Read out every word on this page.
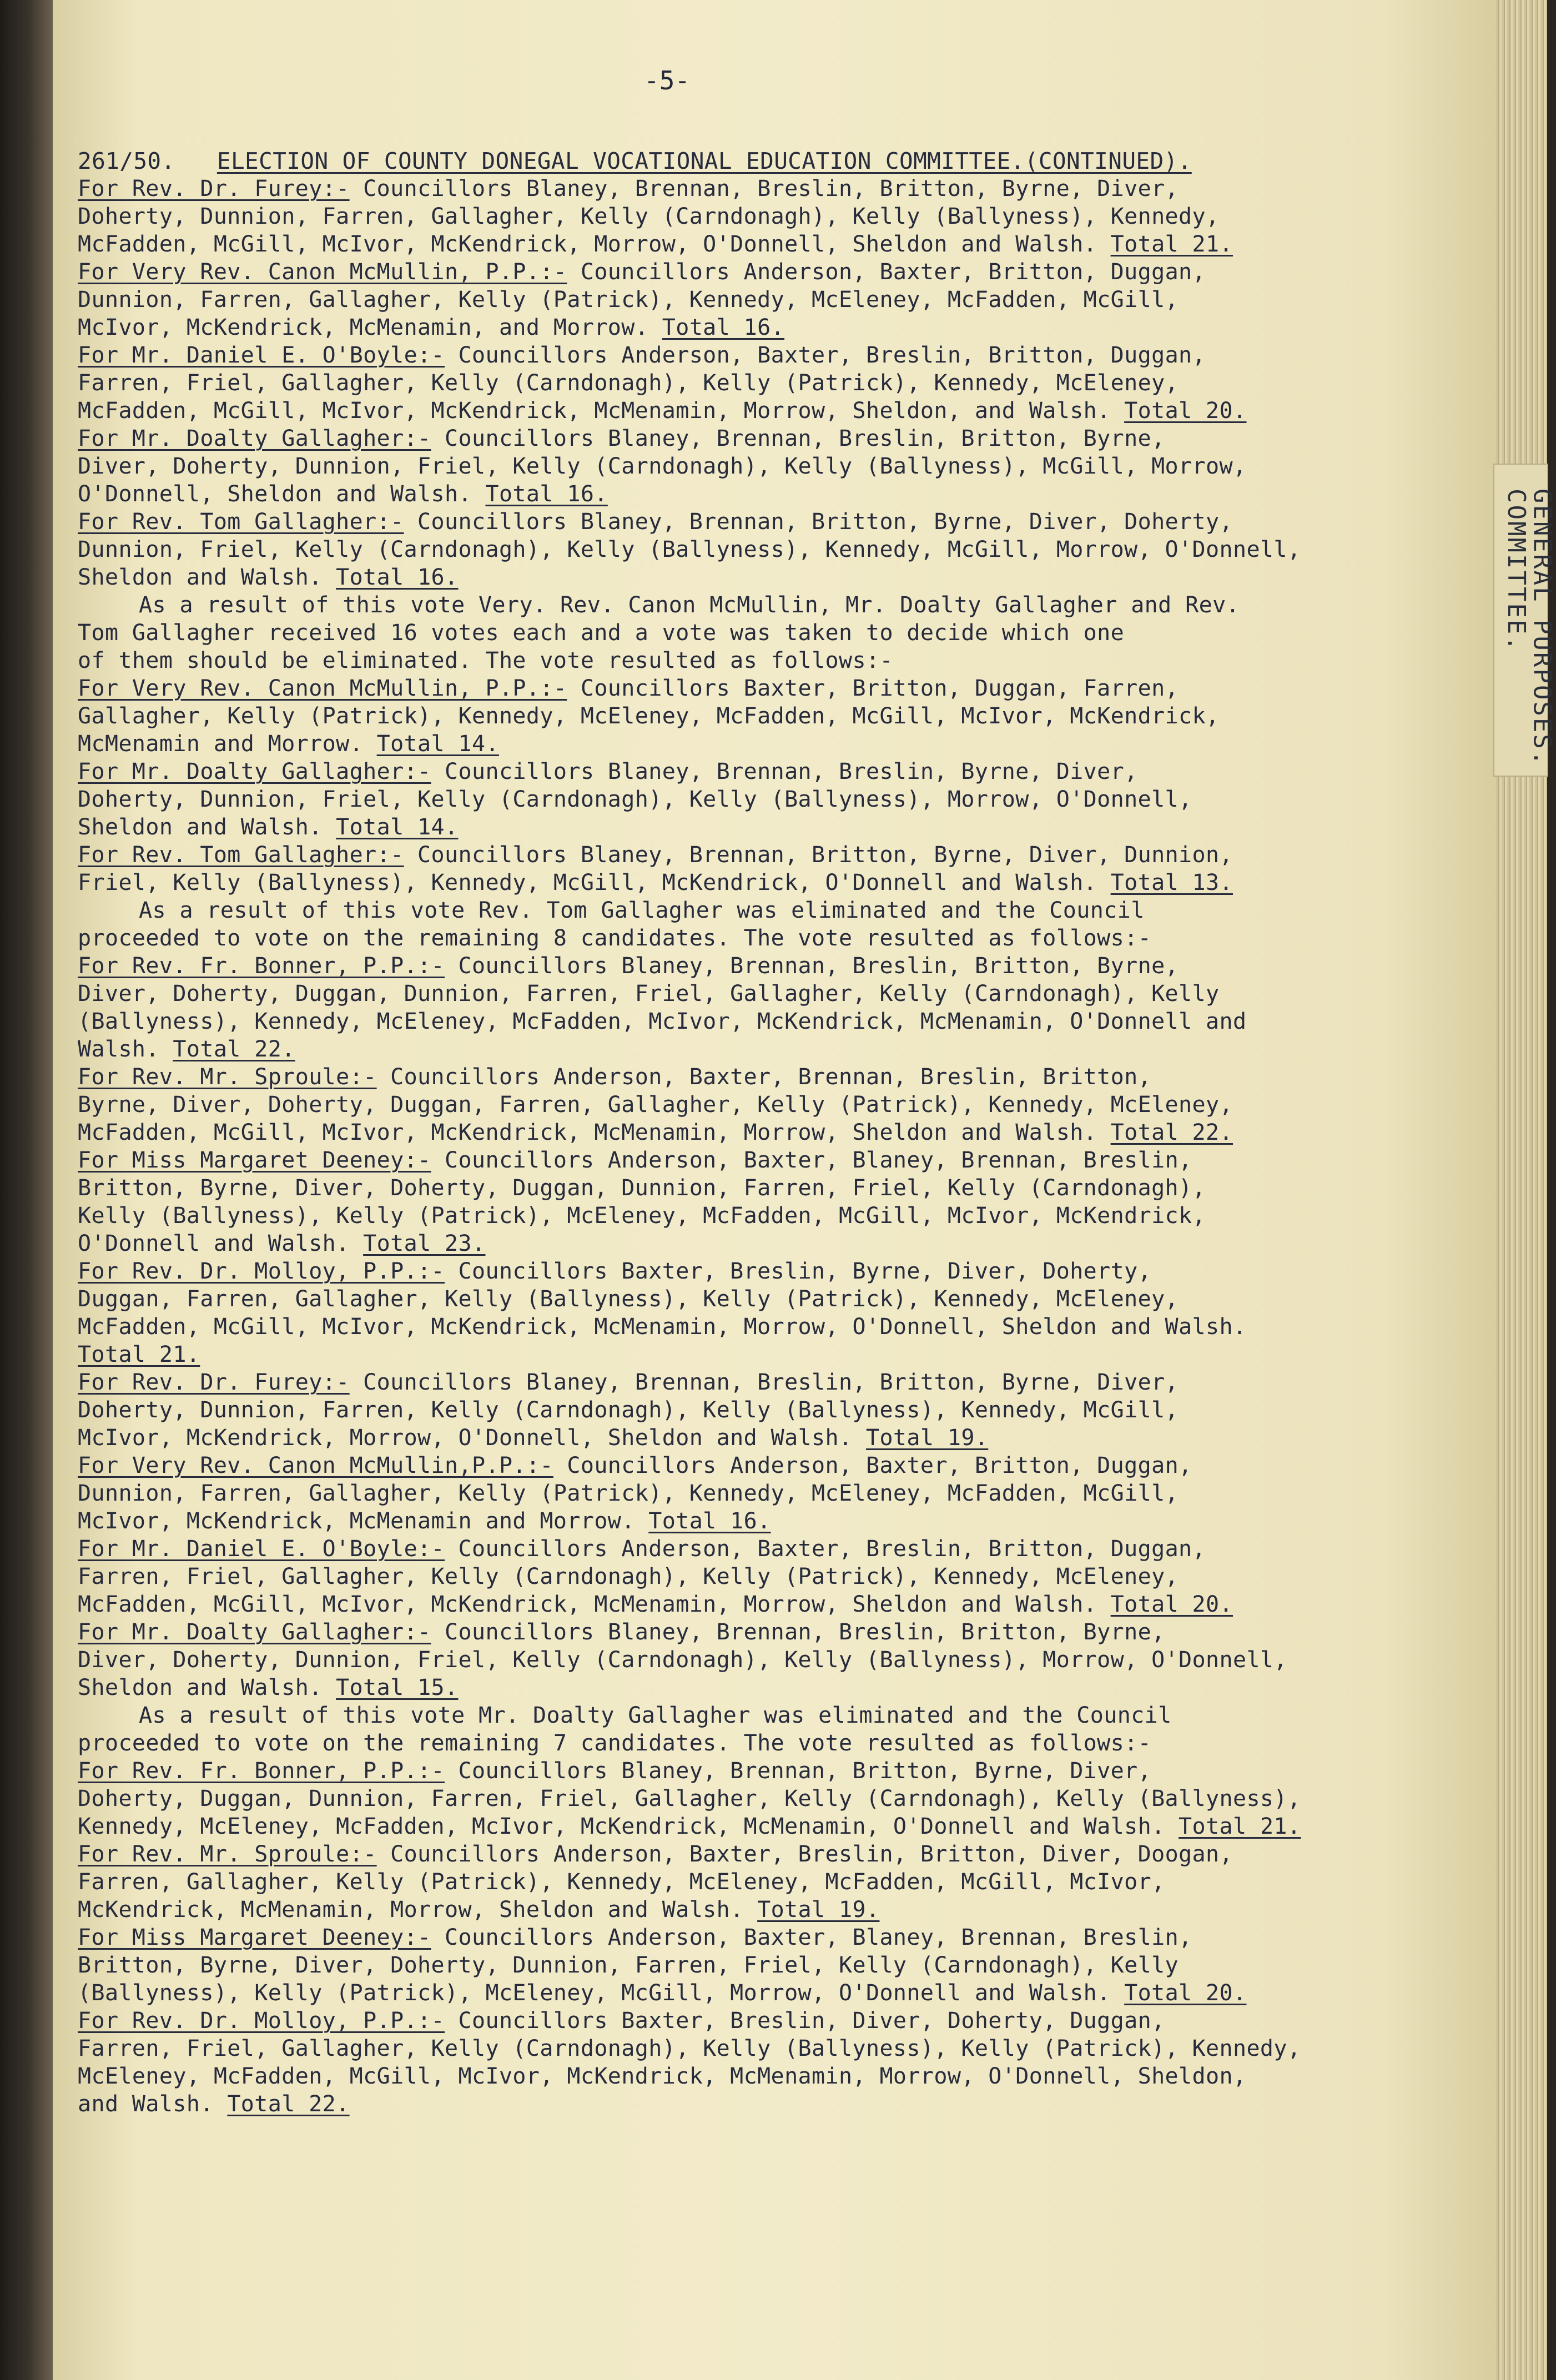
GENERAL PURPOSES.
COMMITTEE.
-5-
261/50. ELECTION OF COUNTY DONEGAL VOCATIONAL EDUCATION COMMITTEE.(CONTINUED).
For Rev. Dr. Furey:- Councillors Blaney, Brennan, Breslin, Britton, Byrne, Diver,
Doherty, Dunnion, Farren, Gallagher, Kelly (Carndonagh), Kelly (Ballyness), Kennedy,
McFadden, McGill, McIvor, McKendrick, Morrow, O'Donnell, Sheldon and Walsh. Total 21.
For Very Rev. Canon McMullin, P.P.:- Councillors Anderson, Baxter, Britton, Duggan,
Dunnion, Farren, Gallagher, Kelly (Patrick), Kennedy, McEleney, McFadden, McGill,
McIvor, McKendrick, McMenamin, and Morrow. Total 16.
For Mr. Daniel E. O'Boyle:- Councillors Anderson, Baxter, Breslin, Britton, Duggan,
Farren, Friel, Gallagher, Kelly (Carndonagh), Kelly (Patrick), Kennedy, McEleney,
McFadden, McGill, McIvor, McKendrick, McMenamin, Morrow, Sheldon, and Walsh. Total 20.
For Mr. Doalty Gallagher:- Councillors Blaney, Brennan, Breslin, Britton, Byrne,
Diver, Doherty, Dunnion, Friel, Kelly (Carndonagh), Kelly (Ballyness), McGill, Morrow,
O'Donnell, Sheldon and Walsh. Total 16.
For Rev. Tom Gallagher:- Councillors Blaney, Brennan, Britton, Byrne, Diver, Doherty,
Dunnion, Friel, Kelly (Carndonagh), Kelly (Ballyness), Kennedy, McGill, Morrow, O'Donnell,
Sheldon and Walsh. Total 16.
As a result of this vote Very. Rev. Canon McMullin, Mr. Doalty Gallagher and Rev.
Tom Gallagher received 16 votes each and a vote was taken to decide which one
of them should be eliminated. The vote resulted as follows:-
For Very Rev. Canon McMullin, P.P.:- Councillors Baxter, Britton, Duggan, Farren,
Gallagher, Kelly (Patrick), Kennedy, McEleney, McFadden, McGill, McIvor, McKendrick,
McMenamin and Morrow. Total 14.
For Mr. Doalty Gallagher:- Councillors Blaney, Brennan, Breslin, Byrne, Diver,
Doherty, Dunnion, Friel, Kelly (Carndonagh), Kelly (Ballyness), Morrow, O'Donnell,
Sheldon and Walsh. Total 14.
For Rev. Tom Gallagher:- Councillors Blaney, Brennan, Britton, Byrne, Diver, Dunnion,
Friel, Kelly (Ballyness), Kennedy, McGill, McKendrick, O'Donnell and Walsh. Total 13.
As a result of this vote Rev. Tom Gallagher was eliminated and the Council
proceeded to vote on the remaining 8 candidates. The vote resulted as follows:-
For Rev. Fr. Bonner, P.P.:- Councillors Blaney, Brennan, Breslin, Britton, Byrne,
Diver, Doherty, Duggan, Dunnion, Farren, Friel, Gallagher, Kelly (Carndonagh), Kelly
(Ballyness), Kennedy, McEleney, McFadden, McIvor, McKendrick, McMenamin, O'Donnell and
Walsh. Total 22.
For Rev. Mr. Sproule:- Councillors Anderson, Baxter, Brennan, Breslin, Britton,
Byrne, Diver, Doherty, Duggan, Farren, Gallagher, Kelly (Patrick), Kennedy, McEleney,
McFadden, McGill, McIvor, McKendrick, McMenamin, Morrow, Sheldon and Walsh. Total 22.
For Miss Margaret Deeney:- Councillors Anderson, Baxter, Blaney, Brennan, Breslin,
Britton, Byrne, Diver, Doherty, Duggan, Dunnion, Farren, Friel, Kelly (Carndonagh),
Kelly (Ballyness), Kelly (Patrick), McEleney, McFadden, McGill, McIvor, McKendrick,
O'Donnell and Walsh. Total 23.
For Rev. Dr. Molloy, P.P.:- Councillors Baxter, Breslin, Byrne, Diver, Doherty,
Duggan, Farren, Gallagher, Kelly (Ballyness), Kelly (Patrick), Kennedy, McEleney,
McFadden, McGill, McIvor, McKendrick, McMenamin, Morrow, O'Donnell, Sheldon and Walsh.
Total 21.
For Rev. Dr. Furey:- Councillors Blaney, Brennan, Breslin, Britton, Byrne, Diver,
Doherty, Dunnion, Farren, Kelly (Carndonagh), Kelly (Ballyness), Kennedy, McGill,
McIvor, McKendrick, Morrow, O'Donnell, Sheldon and Walsh. Total 19.
For Very Rev. Canon McMullin,P.P.:- Councillors Anderson, Baxter, Britton, Duggan,
Dunnion, Farren, Gallagher, Kelly (Patrick), Kennedy, McEleney, McFadden, McGill,
McIvor, McKendrick, McMenamin and Morrow. Total 16.
For Mr. Daniel E. O'Boyle:- Councillors Anderson, Baxter, Breslin, Britton, Duggan,
Farren, Friel, Gallagher, Kelly (Carndonagh), Kelly (Patrick), Kennedy, McEleney,
McFadden, McGill, McIvor, McKendrick, McMenamin, Morrow, Sheldon and Walsh. Total 20.
For Mr. Doalty Gallagher:- Councillors Blaney, Brennan, Breslin, Britton, Byrne,
Diver, Doherty, Dunnion, Friel, Kelly (Carndonagh), Kelly (Ballyness), Morrow, O'Donnell,
Sheldon and Walsh. Total 15.
As a result of this vote Mr. Doalty Gallagher was eliminated and the Council
proceeded to vote on the remaining 7 candidates. The vote resulted as follows:-
For Rev. Fr. Bonner, P.P.:- Councillors Blaney, Brennan, Britton, Byrne, Diver,
Doherty, Duggan, Dunnion, Farren, Friel, Gallagher, Kelly (Carndonagh), Kelly (Ballyness),
Kennedy, McEleney, McFadden, McIvor, McKendrick, McMenamin, O'Donnell and Walsh. Total 21.
For Rev. Mr. Sproule:- Councillors Anderson, Baxter, Breslin, Britton, Diver, Doogan,
Farren, Gallagher, Kelly (Patrick), Kennedy, McEleney, McFadden, McGill, McIvor,
McKendrick, McMenamin, Morrow, Sheldon and Walsh. Total 19.
For Miss Margaret Deeney:- Councillors Anderson, Baxter, Blaney, Brennan, Breslin,
Britton, Byrne, Diver, Doherty, Dunnion, Farren, Friel, Kelly (Carndonagh), Kelly
(Ballyness), Kelly (Patrick), McEleney, McGill, Morrow, O'Donnell and Walsh. Total 20.
For Rev. Dr. Molloy, P.P.:- Councillors Baxter, Breslin, Diver, Doherty, Duggan,
Farren, Friel, Gallagher, Kelly (Carndonagh), Kelly (Ballyness), Kelly (Patrick), Kennedy,
McEleney, McFadden, McGill, McIvor, McKendrick, McMenamin, Morrow, O'Donnell, Sheldon,
and Walsh. Total 22.
